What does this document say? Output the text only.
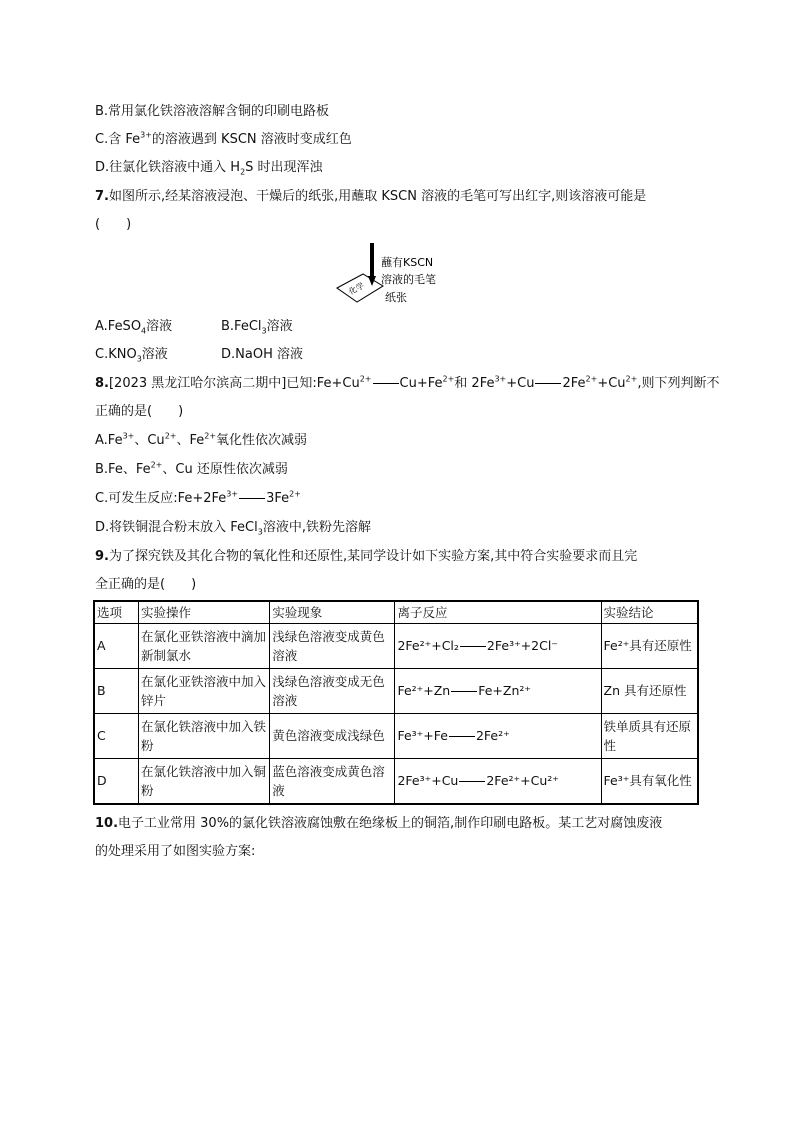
B.常用氯化铁溶液溶解含铜的印刷电路板
C.含 $Fe^{3+}$的溶液遇到 KSCN 溶液时变成红色
D.往氯化铁溶液中通入 $H_2S$ 时出现浑浊
7.如图所示,经某溶液浸泡、干燥后的纸张,用蘸取 KSCN 溶液的毛笔可写出红字,则该溶液可能是
(　　)
化学
蘸有KSCN
溶液的毛笔
纸张
A.FeSO$_4$溶液	B.FeCl$_3$溶液
$C.KNO_3$溶液	D.NaOH 溶液
8.[2023 黑龙江哈尔滨高二期中]已知$:Fe+Cu^{2+}$ $Cu+Fe^{2+}$和 $2Fe^{3+}+Cu$ $2Fe^{2+}+Cu^{2+}$,则下列判断不
正确的是(　　)
$A.Fe^{3+}$、$Cu^{2+}$、$Fe^{2+}$氧化性依次减弱
B.Fe、$Fe^{2+}$、Cu 还原性依次减弱
C.可发生反应$:Fe+2Fe^{3+}$ $3Fe^{2+}$
D.将铁铜混合粉末放入 FeCl$_3$溶液中,铁粉先溶解
9.为了探究铁及其化合物的氧化性和还原性,某同学设计如下实验方案,其中符合实验要求而且完
全正确的是(　　)
选项	实验操作	实验现象	离子反应	实验结论
A	在氯化亚铁溶液中滴加新制氯水	浅绿色溶液变成黄色溶液	2Fe²⁺+Cl₂ 2Fe³⁺+2Cl⁻	Fe²⁺具有还原性
B	在氯化亚铁溶液中加入锌片	浅绿色溶液变成无色溶液	Fe²⁺+Zn Fe+Zn²⁺	Zn 具有还原性
C	在氯化铁溶液中加入铁粉	黄色溶液变成浅绿色	Fe³⁺+Fe 2Fe²⁺	铁单质具有还原性
D	在氯化铁溶液中加入铜粉	蓝色溶液变成黄色溶液	2Fe³⁺+Cu 2Fe²⁺+Cu²⁺	Fe³⁺具有氧化性
10.电子工业常用 30%的氯化铁溶液腐蚀敷在绝缘板上的铜箔,制作印刷电路板。某工艺对腐蚀废液
的处理采用了如图实验方案:
